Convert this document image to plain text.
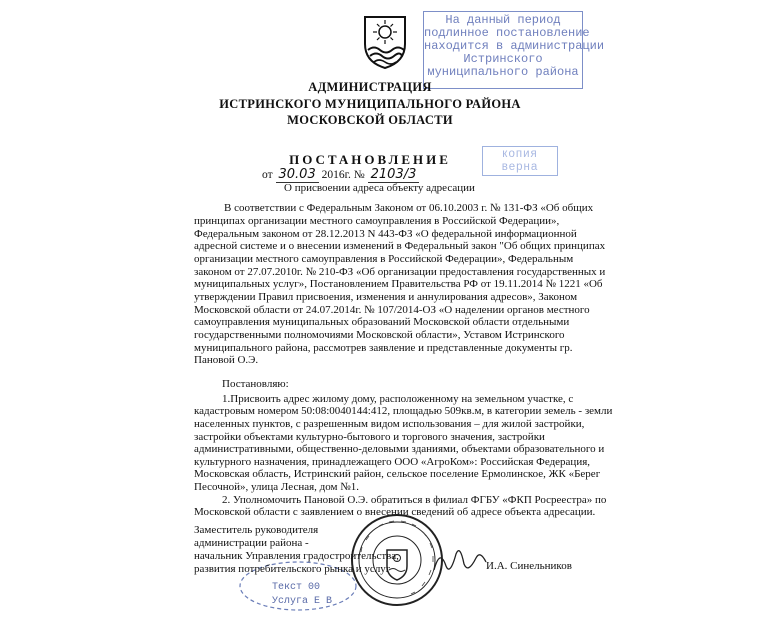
На данный период
подлинное постановление
находится в администрации
Истринского
муниципального района
АДМИНИСТРАЦИЯ
ИСТРИНСКОГО МУНИЦИПАЛЬНОГО РАЙОНА
МОСКОВСКОЙ ОБЛАСТИ
ПОСТАНОВЛЕНИЕ	копия
верна
от 30.03 2016г. № 2103/3
О присвоении адреса объекту адресации
В соответствии с Федеральным Законом от 06.10.2003 г. № 131-ФЗ «Об общих
принципах организации местного самоуправления в Российской Федерации»,
Федеральным законом от 28.12.2013 N 443-ФЗ «О федеральной информационной
адресной системе и о внесении изменений в Федеральный закон "Об общих принципах
организации местного самоуправления в Российской Федерации», Федеральным
законом от 27.07.2010г. № 210-ФЗ «Об организации предоставления государственных и
муниципальных услуг», Постановлением Правительства РФ от 19.11.2014 № 1221 «Об
утверждении Правил присвоения, изменения и аннулирования адресов», Законом
Московской области от 24.07.2014г. № 107/2014-ОЗ «О наделении органов местного
самоуправления муниципальных образований Московской области отдельными
государственными полномочиями Московской области», Уставом Истринского
муниципального района, рассмотрев заявление и представленные документы гр.
Пановой О.Э.
Постановляю:
1.Присвоить адрес жилому дому, расположенному на земельном участке, с
кадастровым номером 50:08:0040144:412, площадью 509кв.м, в категории земель - земли
населенных пунктов, с разрешенным видом использования – для жилой застройки,
застройки объектами культурно-бытового и торгового значения, застройки
административными, общественно-деловыми зданиями, объектами образовательного и
культурного назначения, принадлежащего ООО «АгроКом»: Российская Федерация,
Московская область, Истринский район, сельское поселение Ермолинское, ЖК «Берег
Песочной», улица Лесная, дом №1.
2. Уполномочить Пановой О.Э. обратиться в филиал ФГБУ «ФКП Росреестра» по
Московской области с заявлением о внесении сведений об адресе объекта адресации.
Текст 00
Услуга Е В
Заместитель руководителя
администрации района -
начальник Управления градостроительства,
развития потребительского рынка и услуг	И.А. Синельников
